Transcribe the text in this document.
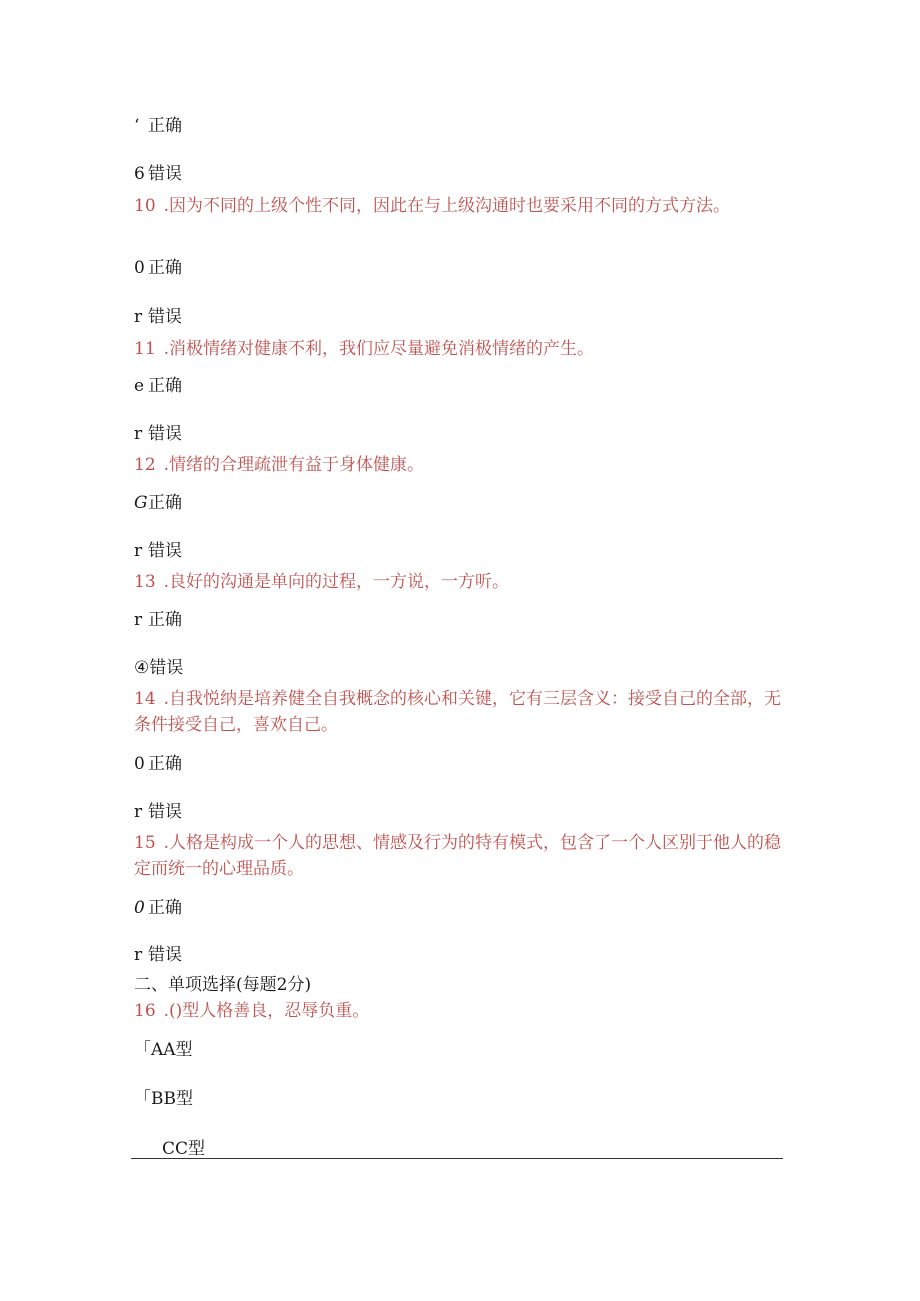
‘ 正确
6 错误
10 .因为不同的上级个性不同，因此在与上级沟通时也要采用不同的方式方法。
0 正确
r 错误
11 .消极情绪对健康不利，我们应尽量避免消极情绪的产生。
e 正确
r 错误
12 .情绪的合理疏泄有益于身体健康。
G正确
r 错误
13 .良好的沟通是单向的过程，一方说，一方听。
r 正确
④错误
14 .自我悦纳是培养健全自我概念的核心和关键，它有三层含义：接受自己的全部，无条件接受自己，喜欢自己。
0 正确
r 错误
15 .人格是构成一个人的思想、情感及行为的特有模式，包含了一个人区别于他人的稳定而统一的心理品质。
0 正确
r 错误
二、单项选择(每题2分)
16 .()型人格善良，忍辱负重。
「AA型
「BB型
CC型
